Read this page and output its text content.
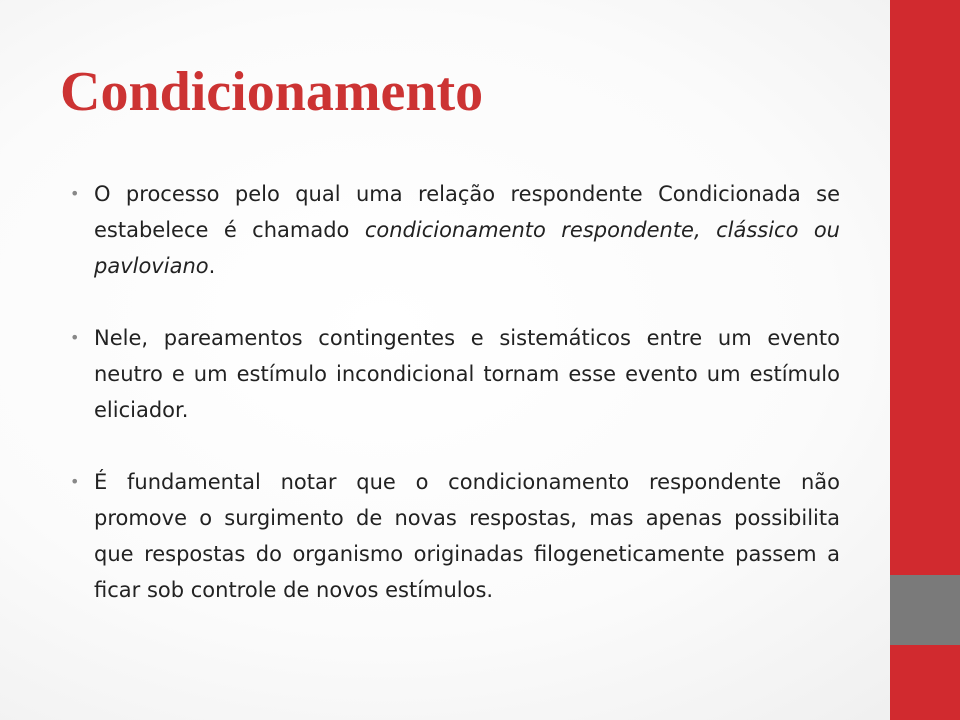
Condicionamento
• O processo pelo qual uma relação respondente Condicionada se estabelece é chamado condicionamento respondente, clássico ou pavloviano.
• Nele, pareamentos contingentes e sistemáticos entre um evento neutro e um estímulo incondicional tornam esse evento um estímulo eliciador.
• É fundamental notar que o condicionamento respondente não promove o surgimento de novas respostas, mas apenas possibilita que respostas do organismo originadas filogeneticamente passem a ficar sob controle de novos estímulos.
